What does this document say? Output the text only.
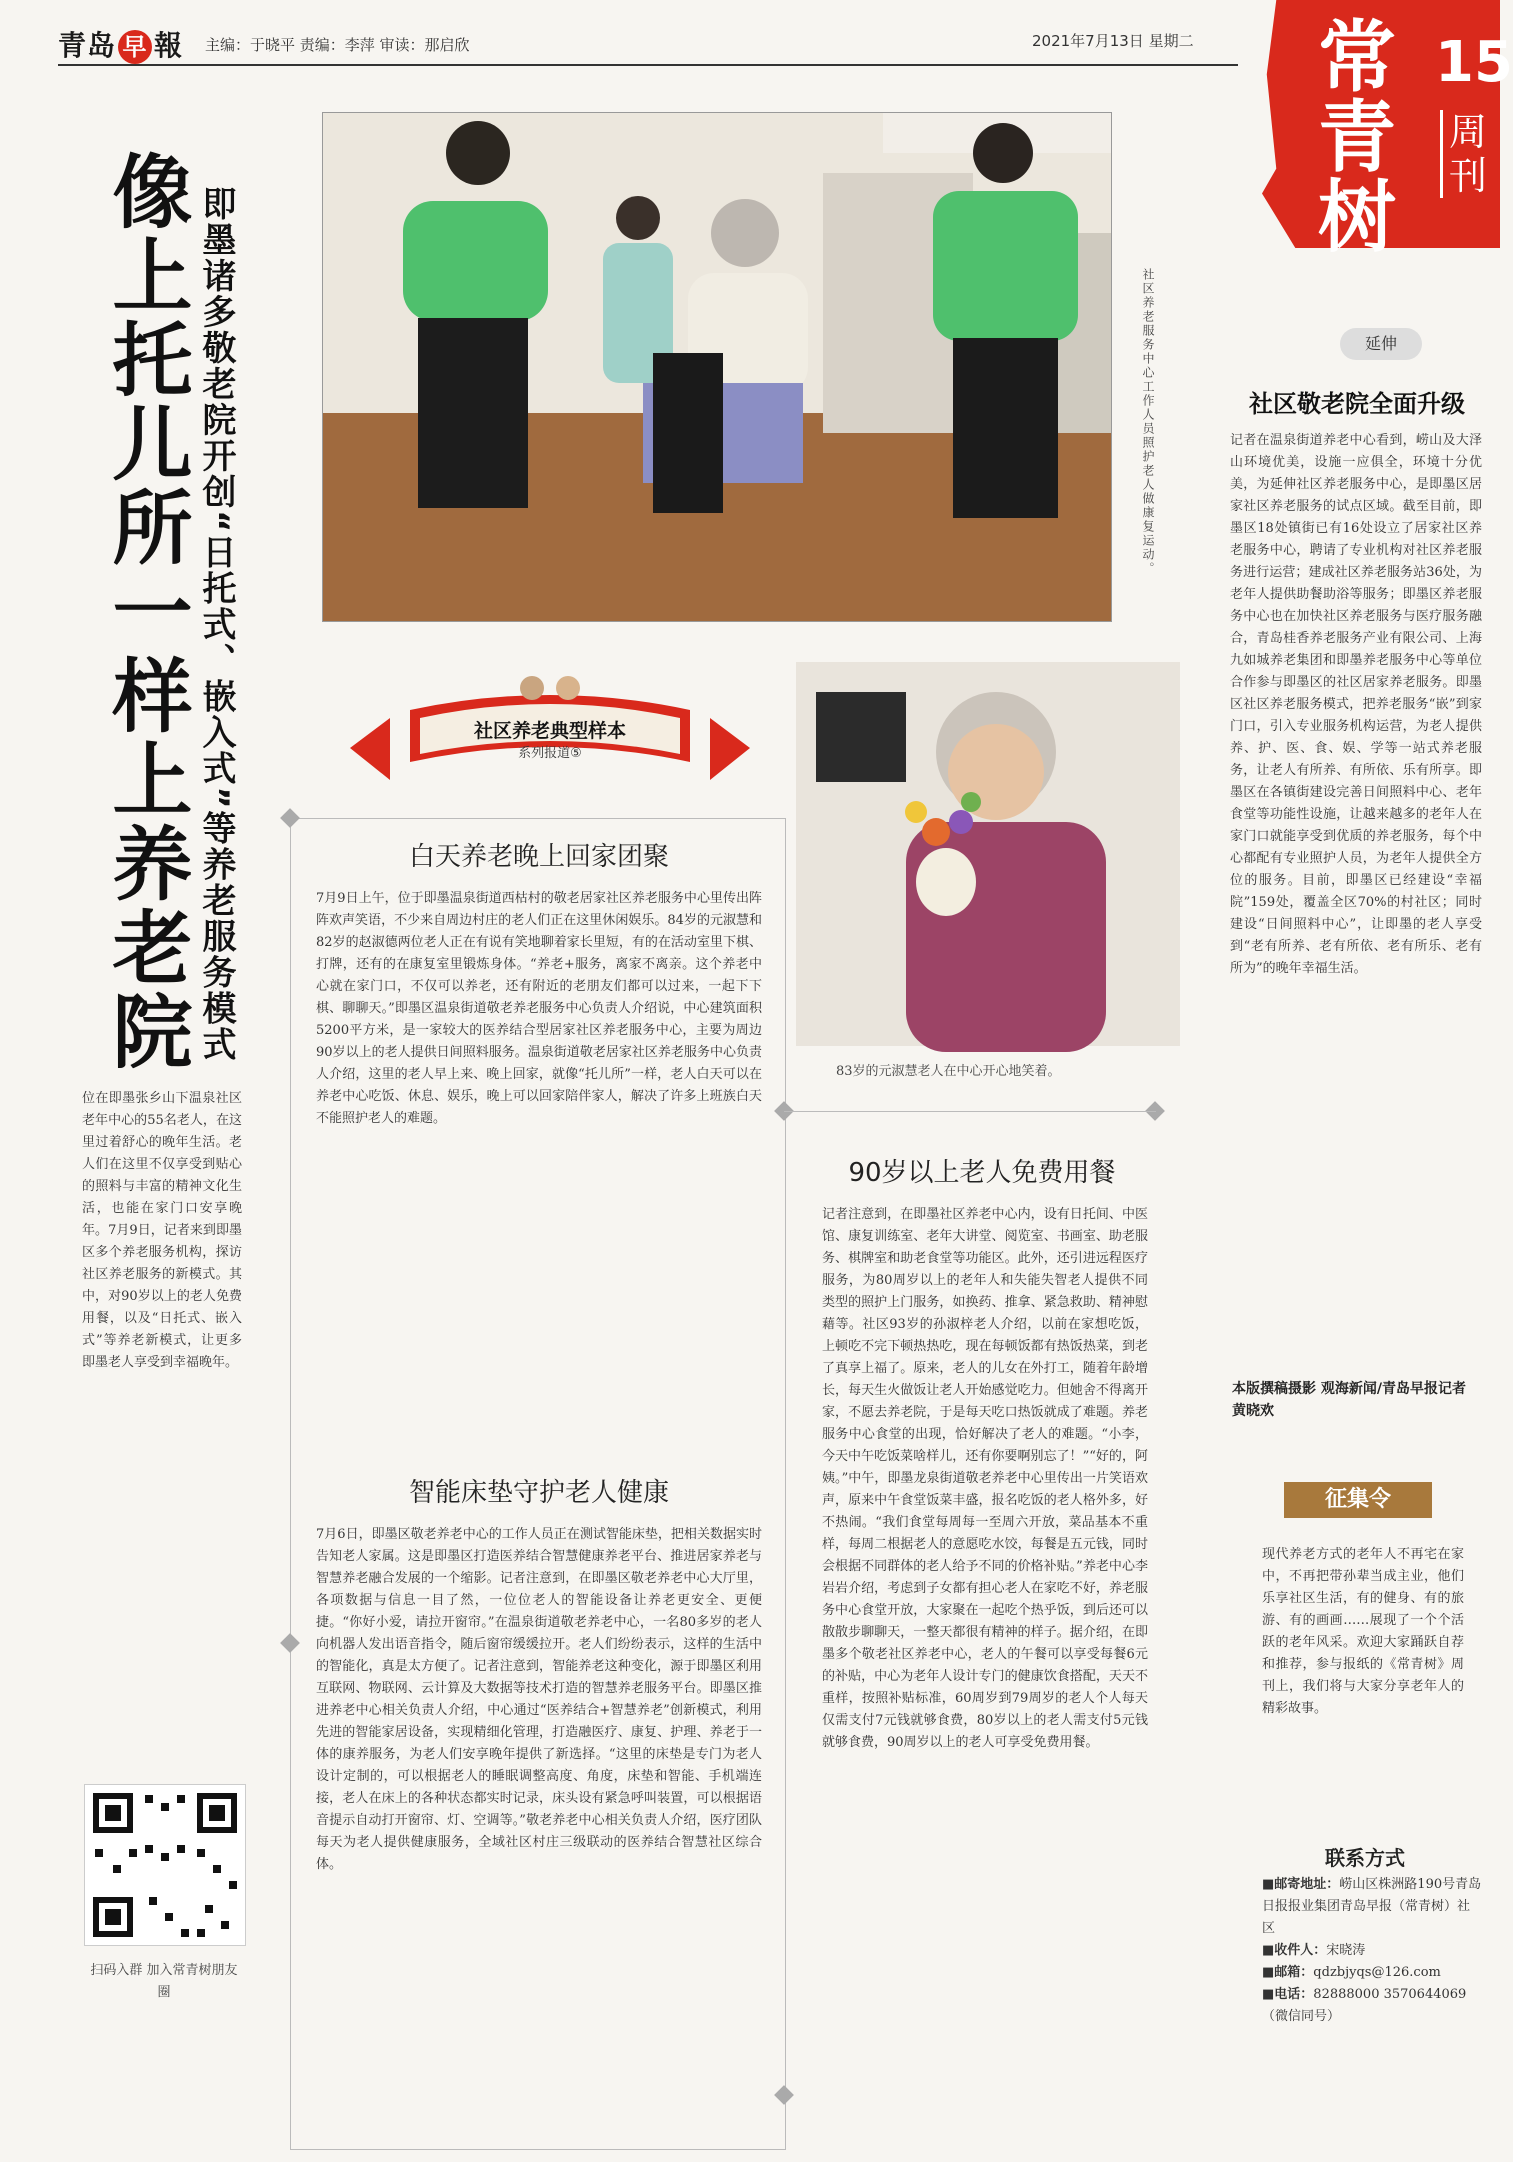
青岛 早 報 主编：于晓平 责编：李萍 审读：那启欣	2021年7月13日 星期二 常青树
15
周刊
像上托儿所一样上养老院 即墨诸多敬老院开创“日托式、嵌入式”等养老服务模式	社区养老服务中心工作人员照护老人做康复运动。
社区养老典型样本
系列报道⑤
83岁的元淑慧老人在中心开心地笑着。
白天养老晚上回家团聚
7月9日上午，位于即墨温泉街道西枯村的敬老居家社区养老服务中心里传出阵阵欢声笑语，不少来自周边村庄的老人们正在这里休闲娱乐。84岁的元淑慧和82岁的赵淑德两位老人正在有说有笑地聊着家长里短，有的在活动室里下棋、打牌，还有的在康复室里锻炼身体。“养老+服务，离家不离亲。这个养老中心就在家门口，不仅可以养老，还有附近的老朋友们都可以过来，一起下下棋、聊聊天。”即墨区温泉街道敬老养老服务中心负责人介绍说，中心建筑面积5200平方米，是一家较大的医养结合型居家社区养老服务中心，主要为周边90岁以上的老人提供日间照料服务。温泉街道敬老居家社区养老服务中心负责人介绍，这里的老人早上来、晚上回家，就像“托儿所”一样，老人白天可以在养老中心吃饭、休息、娱乐，晚上可以回家陪伴家人，解决了许多上班族白天不能照护老人的难题。
智能床垫守护老人健康
7月6日，即墨区敬老养老中心的工作人员正在测试智能床垫，把相关数据实时告知老人家属。这是即墨区打造医养结合智慧健康养老平台、推进居家养老与智慧养老融合发展的一个缩影。记者注意到，在即墨区敬老养老中心大厅里，各项数据与信息一目了然，一位位老人的智能设备让养老更安全、更便捷。“你好小爱，请拉开窗帘。”在温泉街道敬老养老中心，一名80多岁的老人向机器人发出语音指令，随后窗帘缓缓拉开。老人们纷纷表示，这样的生活中的智能化，真是太方便了。记者注意到，智能养老这种变化，源于即墨区利用互联网、物联网、云计算及大数据等技术打造的智慧养老服务平台。即墨区推进养老中心相关负责人介绍，中心通过“医养结合+智慧养老”创新模式，利用先进的智能家居设备，实现精细化管理，打造融医疗、康复、护理、养老于一体的康养服务，为老人们安享晚年提供了新选择。“这里的床垫是专门为老人设计定制的，可以根据老人的睡眠调整高度、角度，床垫和智能、手机端连接，老人在床上的各种状态都实时记录，床头设有紧急呼叫装置，可以根据语音提示自动打开窗帘、灯、空调等。”敬老养老中心相关负责人介绍，医疗团队每天为老人提供健康服务，全域社区村庄三级联动的医养结合智慧社区综合体。
90岁以上老人免费用餐
记者注意到，在即墨社区养老中心内，设有日托间、中医馆、康复训练室、老年大讲堂、阅览室、书画室、助老服务、棋牌室和助老食堂等功能区。此外，还引进远程医疗服务，为80周岁以上的老年人和失能失智老人提供不同类型的照护上门服务，如换药、推拿、紧急救助、精神慰藉等。社区93岁的孙淑梓老人介绍，以前在家想吃饭，上顿吃不完下顿热热吃，现在每顿饭都有热饭热菜，到老了真享上福了。原来，老人的儿女在外打工，随着年龄增长，每天生火做饭让老人开始感觉吃力。但她舍不得离开家，不愿去养老院，于是每天吃口热饭就成了难题。养老服务中心食堂的出现，恰好解决了老人的难题。“小李，今天中午吃饭菜啥样儿，还有你要啊别忘了！”“好的，阿姨。”中午，即墨龙泉街道敬老养老中心里传出一片笑语欢声，原来中午食堂饭菜丰盛，报名吃饭的老人格外多，好不热闹。“我们食堂每周每一至周六开放，菜品基本不重样，每周二根据老人的意愿吃水饺，每餐是五元钱，同时会根据不同群体的老人给予不同的价格补贴。”养老中心李岩岩介绍，考虑到子女都有担心老人在家吃不好，养老服务中心食堂开放，大家聚在一起吃个热乎饭，到后还可以散散步聊聊天，一整天都很有精神的样子。据介绍，在即墨多个敬老社区养老中心，老人的午餐可以享受每餐6元的补贴，中心为老年人设计专门的健康饮食搭配，天天不重样，按照补贴标准，60周岁到79周岁的老人个人每天仅需支付7元钱就够食费，80岁以上的老人需支付5元钱就够食费，90周岁以上的老人可享受免费用餐。
位在即墨张乡山下温泉社区老年中心的55名老人，在这里过着舒心的晚年生活。老人们在这里不仅享受到贴心的照料与丰富的精神文化生活，也能在家门口安享晚年。7月9日，记者来到即墨区多个养老服务机构，探访社区养老服务的新模式。其中，对90岁以上的老人免费用餐，以及“日托式、嵌入式”等养老新模式，让更多即墨老人享受到幸福晚年。
扫码入群 加入常青树朋友圈
延伸
社区敬老院全面升级
记者在温泉街道养老中心看到，崂山及大泽山环境优美，设施一应俱全，环境十分优美，为延伸社区养老服务中心，是即墨区居家社区养老服务的试点区域。截至目前，即墨区18处镇街已有16处设立了居家社区养老服务中心，聘请了专业机构对社区养老服务进行运营；建成社区养老服务站36处，为老年人提供助餐助浴等服务；即墨区养老服务中心也在加快社区养老服务与医疗服务融合，青岛桂香养老服务产业有限公司、上海九如城养老集团和即墨养老服务中心等单位合作参与即墨区的社区居家养老服务。即墨区社区养老服务模式，把养老服务“嵌”到家门口，引入专业服务机构运营，为老人提供养、护、医、食、娱、学等一站式养老服务，让老人有所养、有所依、乐有所享。即墨区在各镇街建设完善日间照料中心、老年食堂等功能性设施，让越来越多的老年人在家门口就能享受到优质的养老服务，每个中心都配有专业照护人员，为老年人提供全方位的服务。目前，即墨区已经建设“幸福院”159处，覆盖全区70%的村社区；同时建设“日间照料中心”，让即墨的老人享受到“老有所养、老有所依、老有所乐、老有所为”的晚年幸福生活。
本版撰稿摄影 观海新闻/青岛早报记者 黄晓欢
征集令
现代养老方式的老年人不再宅在家中，不再把带孙辈当成主业，他们乐享社区生活，有的健身、有的旅游、有的画画……展现了一个个活跃的老年风采。欢迎大家踊跃自荐和推荐，参与报纸的《常青树》周刊上，我们将与大家分享老年人的精彩故事。
联系方式
■邮寄地址：崂山区株洲路190号青岛日报报业集团青岛早报（常青树）社区
■收件人：宋晓涛
■邮箱：qdzbjyqs@126.com
■电话：82888000 3570644069（微信同号）
